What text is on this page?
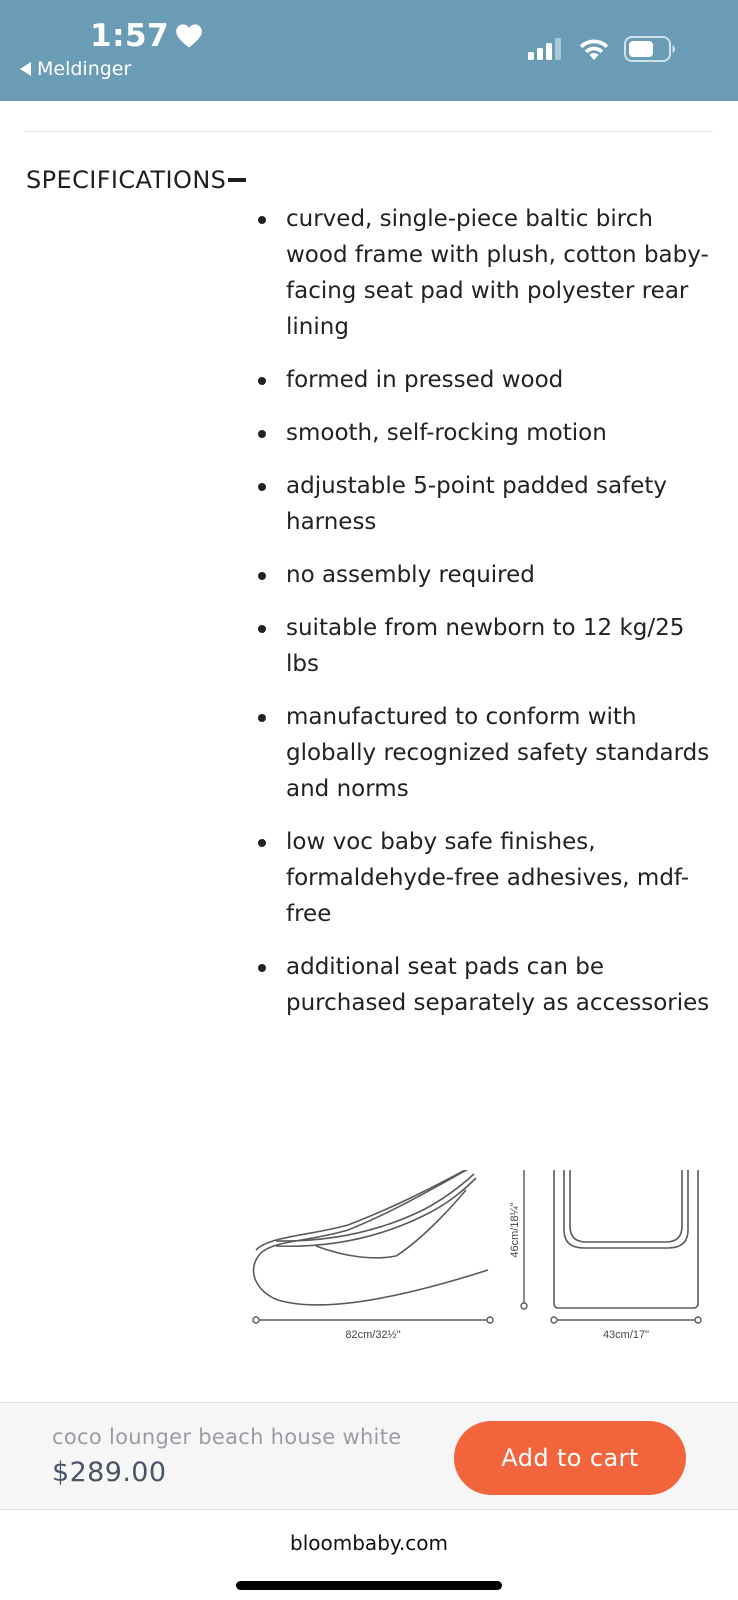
1:57
Meldinger
SPECIFICATIONS
curved, single-piece baltic birch wood frame with plush, cotton baby-facing seat pad with polyester rear lining
formed in pressed wood
smooth, self-rocking motion
adjustable 5-point padded safety harness
no assembly required
suitable from newborn to 12 kg/25 lbs
manufactured to conform with globally recognized safety standards and norms
low voc baby safe finishes, formaldehyde-free adhesives, mdf-free
additional seat pads can be purchased separately as accessories
82cm/32½"
46cm/18¼"
43cm/17"
coco lounger beach house white
$289.00	Add to cart
bloombaby.com
